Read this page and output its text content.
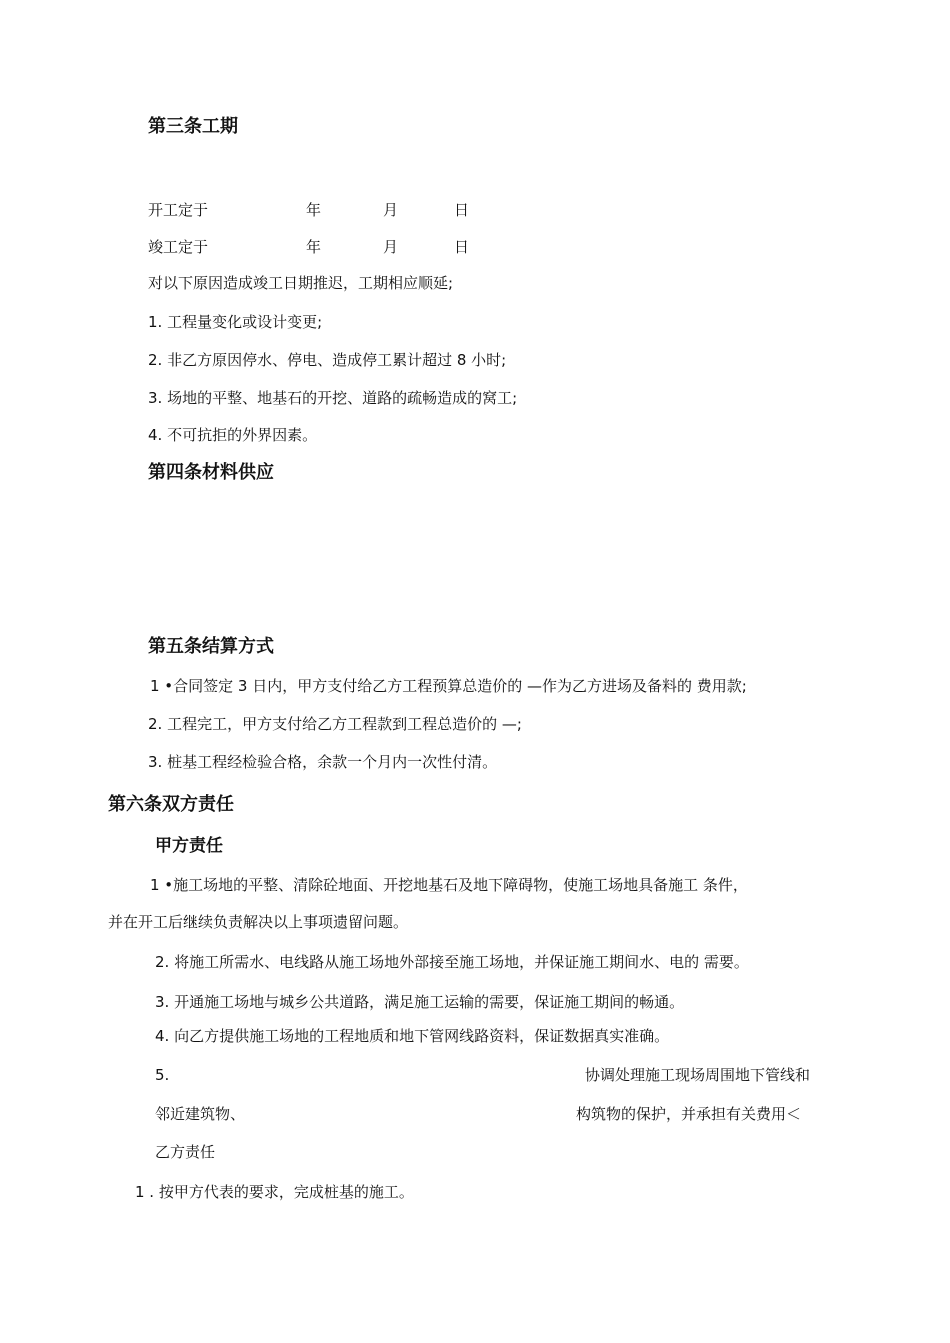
第三条工期
开工定于	年	月	日
竣工定于	年	月	日
对以下原因造成竣工日期推迟，工期相应顺延;
1. 工程量变化或设计变更;
2. 非乙方原因停水、停电、造成停工累计超过 8 小时;
3. 场地的平整、地基石的开挖、道路的疏畅造成的窝工;
4. 不可抗拒的外界因素。
第四条材料供应
第五条结算方式
1 •合同签定 3 日内，甲方支付给乙方工程预算总造价的 —作为乙方进场及备料的 费用款;
2. 工程完工，甲方支付给乙方工程款到工程总造价的 —;
3. 桩基工程经检验合格，余款一个月内一次性付清。
第六条双方责任
甲方责任
1 •施工场地的平整、清除砼地面、开挖地基石及地下障碍物，使施工场地具备施工 条件，
并在开工后继续负责解决以上事项遗留问题。
2. 将施工所需水、电线路从施工场地外部接至施工场地，并保证施工期间水、电的 需要。
3. 开通施工场地与城乡公共道路，满足施工运输的需要，保证施工期间的畅通。
4. 向乙方提供施工场地的工程地质和地下管网线路资料，保证数据真实准确。
5.	协调处理施工现场周围地下管线和
邻近建筑物、	构筑物的保护，并承担有关费用＜
乙方责任
1 . 按甲方代表的要求，完成桩基的施工。
